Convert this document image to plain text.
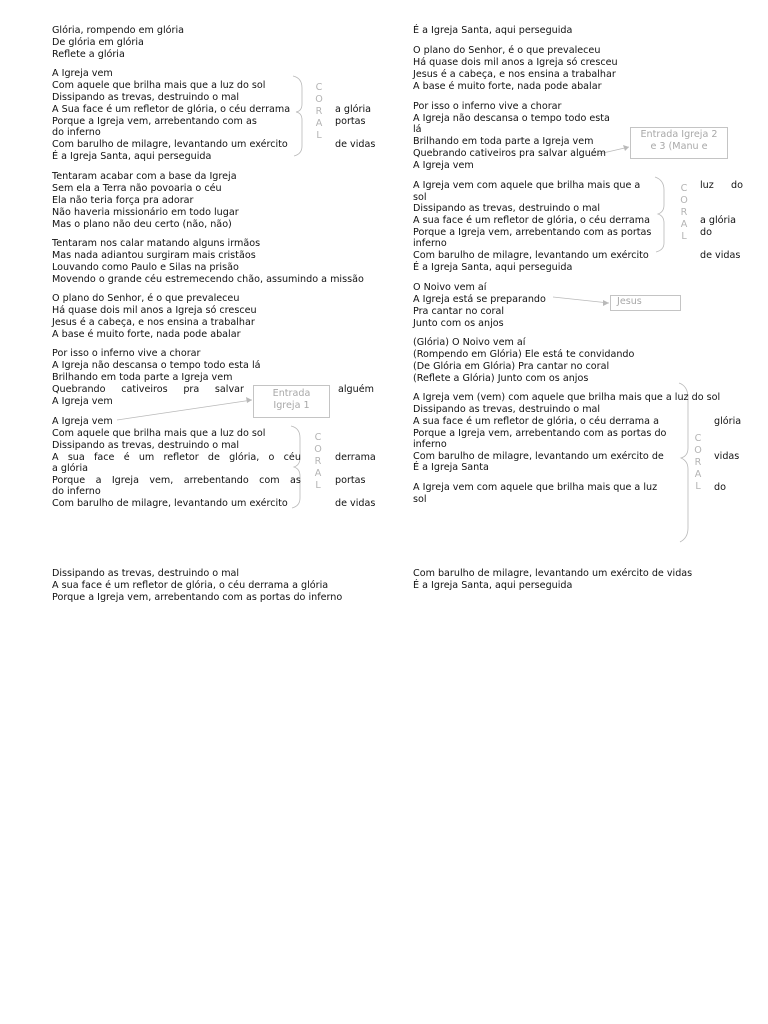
Glória, rompendo em glória
De glória em glória
Reflete a glória
A Igreja vem
Com aquele que brilha mais que a luz do sol
Dissipando as trevas, destruindo o mal
A Sua face é um refletor de glória, o céu derrama
Porque a Igreja vem, arrebentando com as
do inferno
Com barulho de milagre, levantando um exército
É a Igreja Santa, aqui perseguida
a glória
portas
de vidas
Tentaram acabar com a base da Igreja
Sem ela a Terra não povoaria o céu
Ela não teria força pra adorar
Não haveria missionário em todo lugar
Mas o plano não deu certo (não, não)
Tentaram nos calar matando alguns irmãos
Mas nada adiantou surgiram mais cristãos
Louvando como Paulo e Silas na prisão
Movendo o grande céu estremecendo chão, assumindo a missão
O plano do Senhor, é o que prevaleceu
Há quase dois mil anos a Igreja só cresceu
Jesus é a cabeça, e nos ensina a trabalhar
A base é muito forte, nada pode abalar
Por isso o inferno vive a chorar
A Igreja não descansa o tempo todo esta lá
Brilhando em toda parte a Igreja vem
Quebrando cativeiros pra salvar	alguém
A Igreja vem
A Igreja vem
Com aquele que brilha mais que a luz do sol
Dissipando as trevas, destruindo o mal
A sua face é um refletor de glória, o céu	derrama
a glória
Porque a Igreja vem, arrebentando com as	portas
do inferno
Com barulho de milagre, levantando um exército	de vidas
Dissipando as trevas, destruindo o mal
A sua face é um refletor de glória, o céu derrama a glória
Porque a Igreja vem, arrebentando com as portas do inferno
É a Igreja Santa, aqui perseguida
O plano do Senhor, é o que prevaleceu
Há quase dois mil anos a Igreja só cresceu
Jesus é a cabeça, e nos ensina a trabalhar
A base é muito forte, nada pode abalar
Por isso o inferno vive a chorar
A Igreja não descansa o tempo todo esta
lá
Brilhando em toda parte a Igreja vem
Quebrando cativeiros pra salvar alguém
A Igreja vem
A Igreja vem com aquele que brilha mais que a	luz do
sol
Dissipando as trevas, destruindo o mal
A sua face é um refletor de glória, o céu derrama
Porque a Igreja vem, arrebentando com as portas
inferno
Com barulho de milagre, levantando um exército
É a Igreja Santa, aqui perseguida
a glória
do
de vidas
O Noivo vem aí
A Igreja está se preparando
Pra cantar no coral
Junto com os anjos
(Glória) O Noivo vem aí
(Rompendo em Glória) Ele está te convidando
(De Glória em Glória) Pra cantar no coral
(Reflete a Glória) Junto com os anjos
A Igreja vem (vem) com aquele que brilha mais que a luz do sol
Dissipando as trevas, destruindo o mal
A sua face é um refletor de glória, o céu derrama a
Porque a Igreja vem, arrebentando com as portas do
inferno
Com barulho de milagre, levantando um exército de
É a Igreja Santa
glória
vidas
A Igreja vem com aquele que brilha mais que a luz	do
sol
Com barulho de milagre, levantando um exército de vidas
É a Igreja Santa, aqui perseguida
Entrada
Igreja 1
Entrada Igreja 2
e 3 (Manu e
Jesus
C
O
R
A
L
C
O
R
A
L
C
O
R
A
L
C
O
R
A
L
